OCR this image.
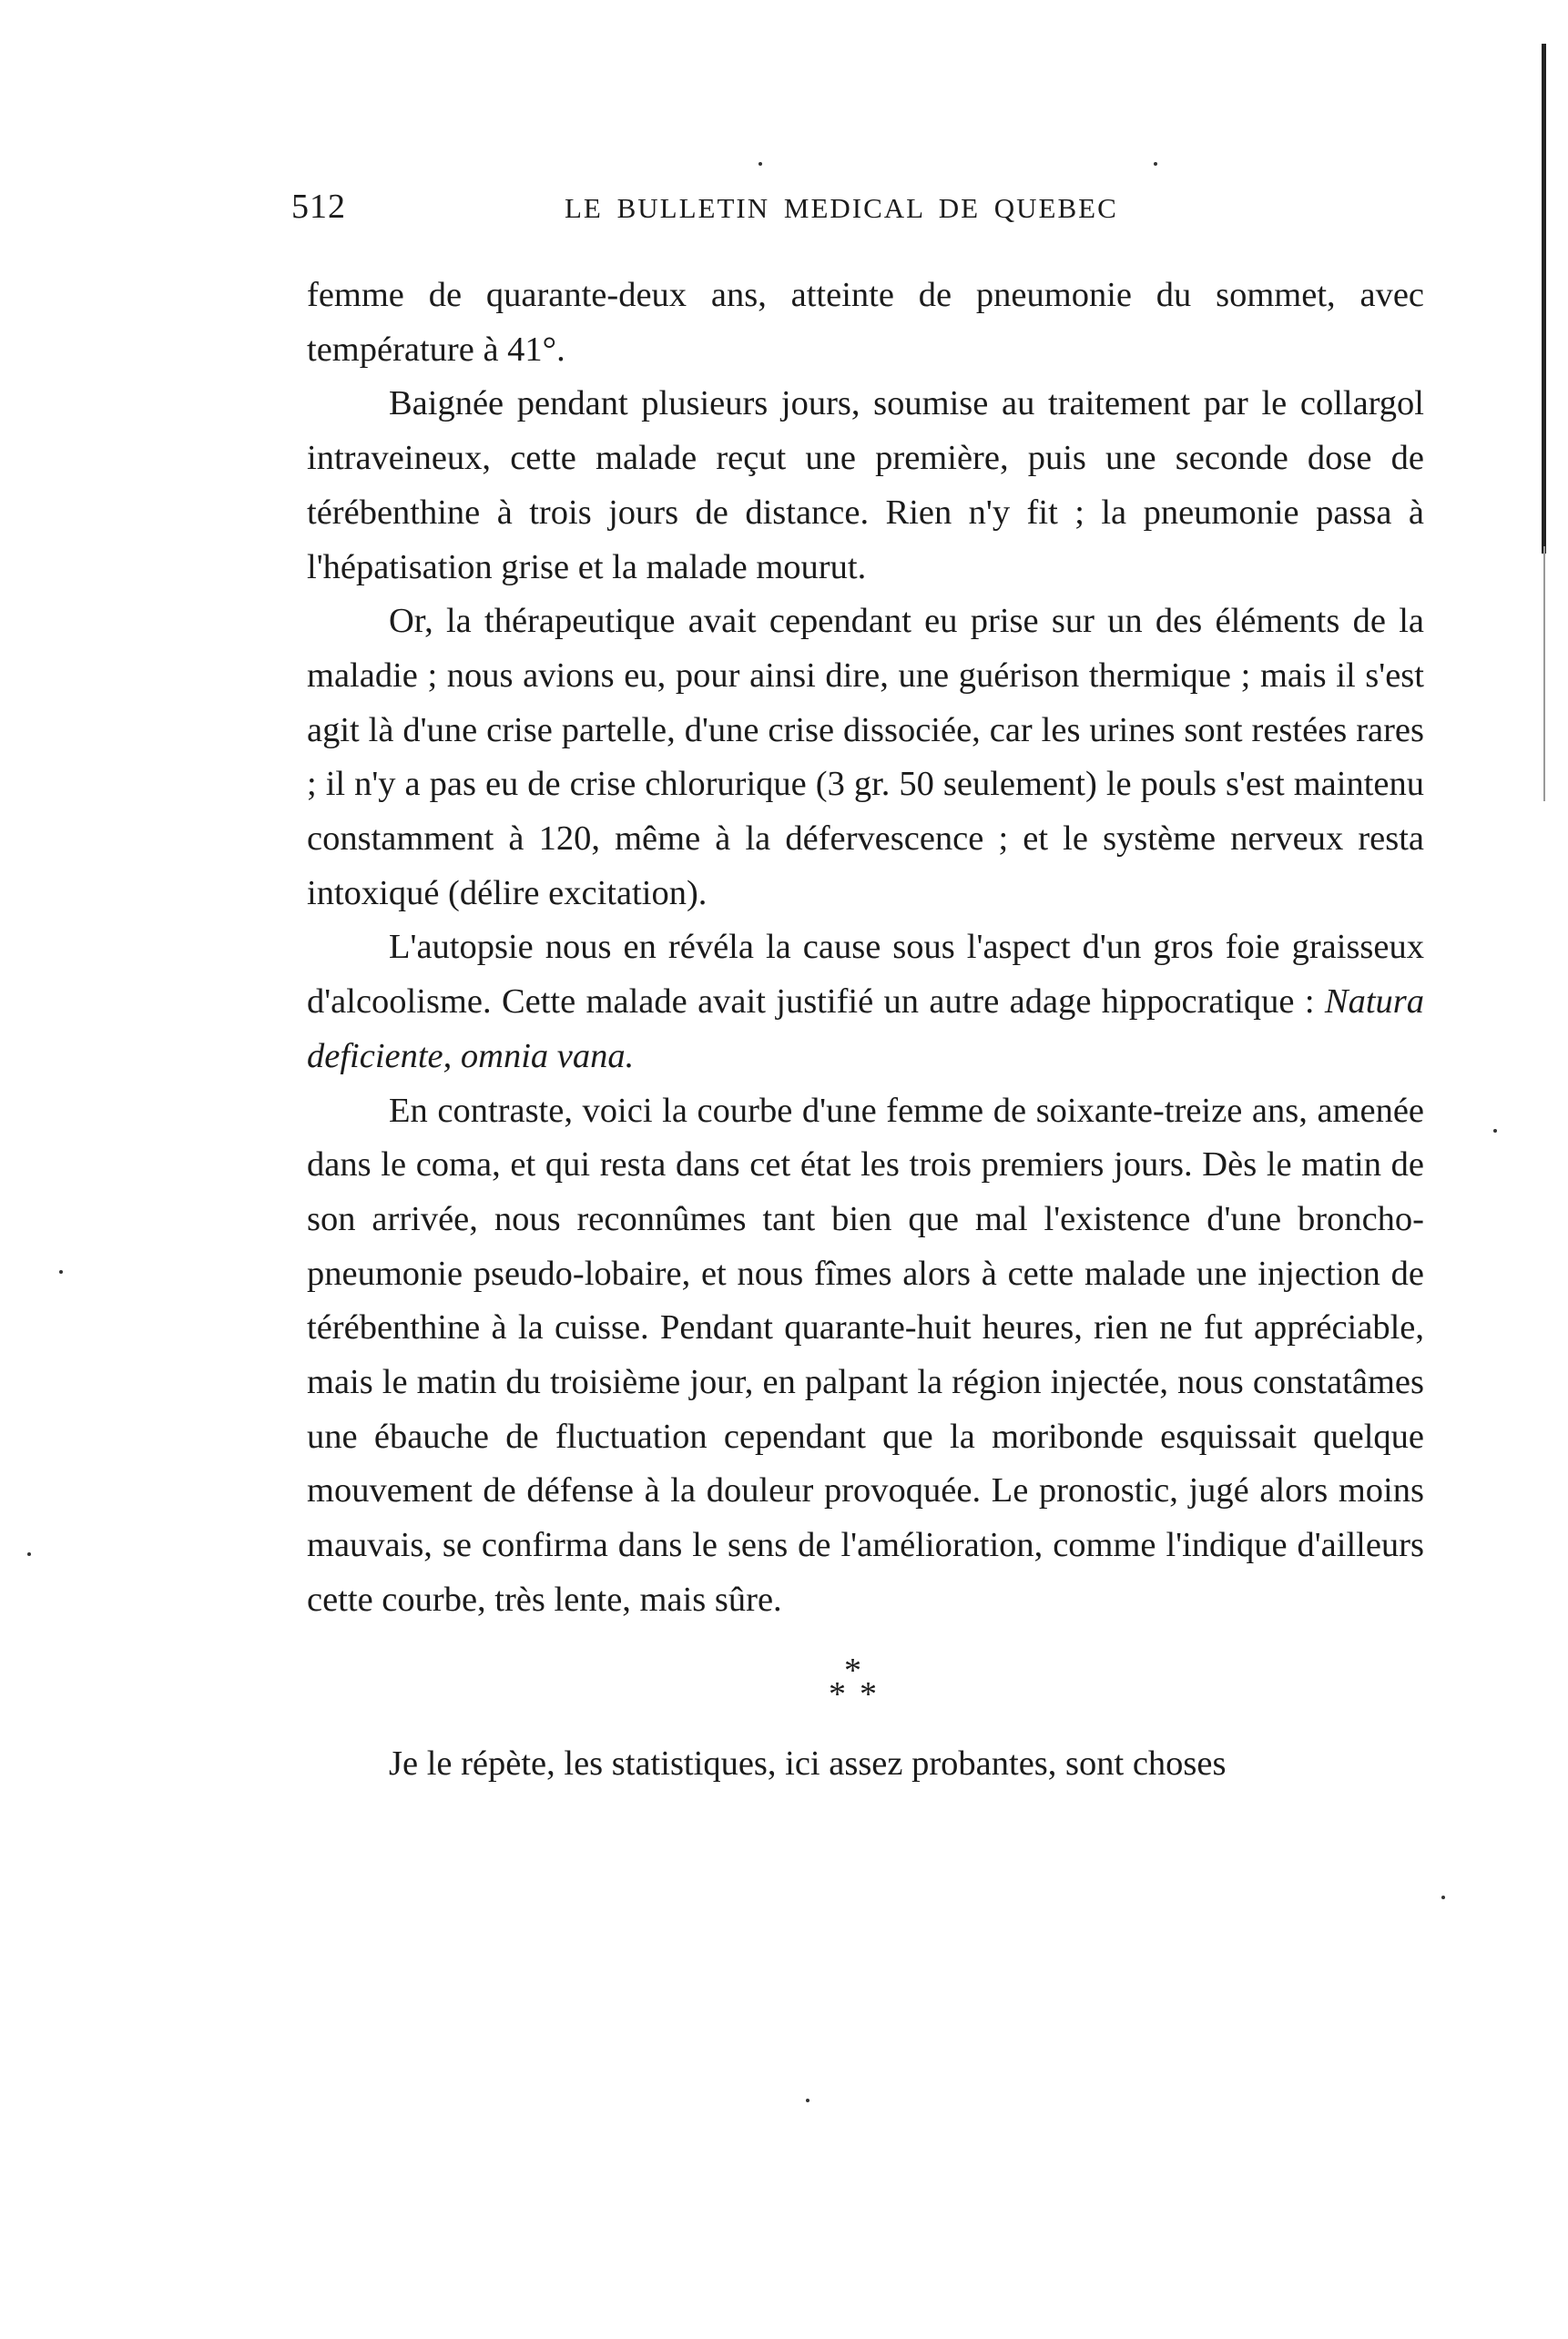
512	LE BULLETIN MEDICAL DE QUEBEC

femme de quarante-deux ans, atteinte de pneumonie du sommet, avec température à 41°.

Baignée pendant plusieurs jours, soumise au traitement par le collargol intraveineux, cette malade reçut une première, puis une seconde dose de térébenthine à trois jours de distance. Rien n'y fit ; la pneumonie passa à l'hépatisation grise et la malade mourut.

Or, la thérapeutique avait cependant eu prise sur un des éléments de la maladie ; nous avions eu, pour ainsi dire, une guérison thermique ; mais il s'est agit là d'une crise partelle, d'une crise dissociée, car les urines sont restées rares ; il n'y a pas eu de crise chlorurique (3 gr. 50 seulement) le pouls s'est maintenu constamment à 120, même à la défervescence ; et le système nerveux resta intoxiqué (délire excitation).

L'autopsie nous en révéla la cause sous l'aspect d'un gros foie graisseux d'alcoolisme. Cette malade avait justifié un autre adage hippocratique : Natura deficiente, omnia vana.

En contraste, voici la courbe d'une femme de soixante-treize ans, amenée dans le coma, et qui resta dans cet état les trois premiers jours. Dès le matin de son arrivée, nous reconnûmes tant bien que mal l'existence d'une broncho-pneumonie pseudo-lobaire, et nous fîmes alors à cette malade une injection de térébenthine à la cuisse. Pendant quarante-huit heures, rien ne fut appréciable, mais le matin du troisième jour, en palpant la région injectée, nous constatâmes une ébauche de fluctuation cependant que la moribonde esquissait quelque mouvement de défense à la douleur provoquée. Le pronostic, jugé alors moins mauvais, se confirma dans le sens de l'amélioration, comme l'indique d'ailleurs cette courbe, très lente, mais sûre.

*
* *

Je le répète, les statistiques, ici assez probantes, sont choses
